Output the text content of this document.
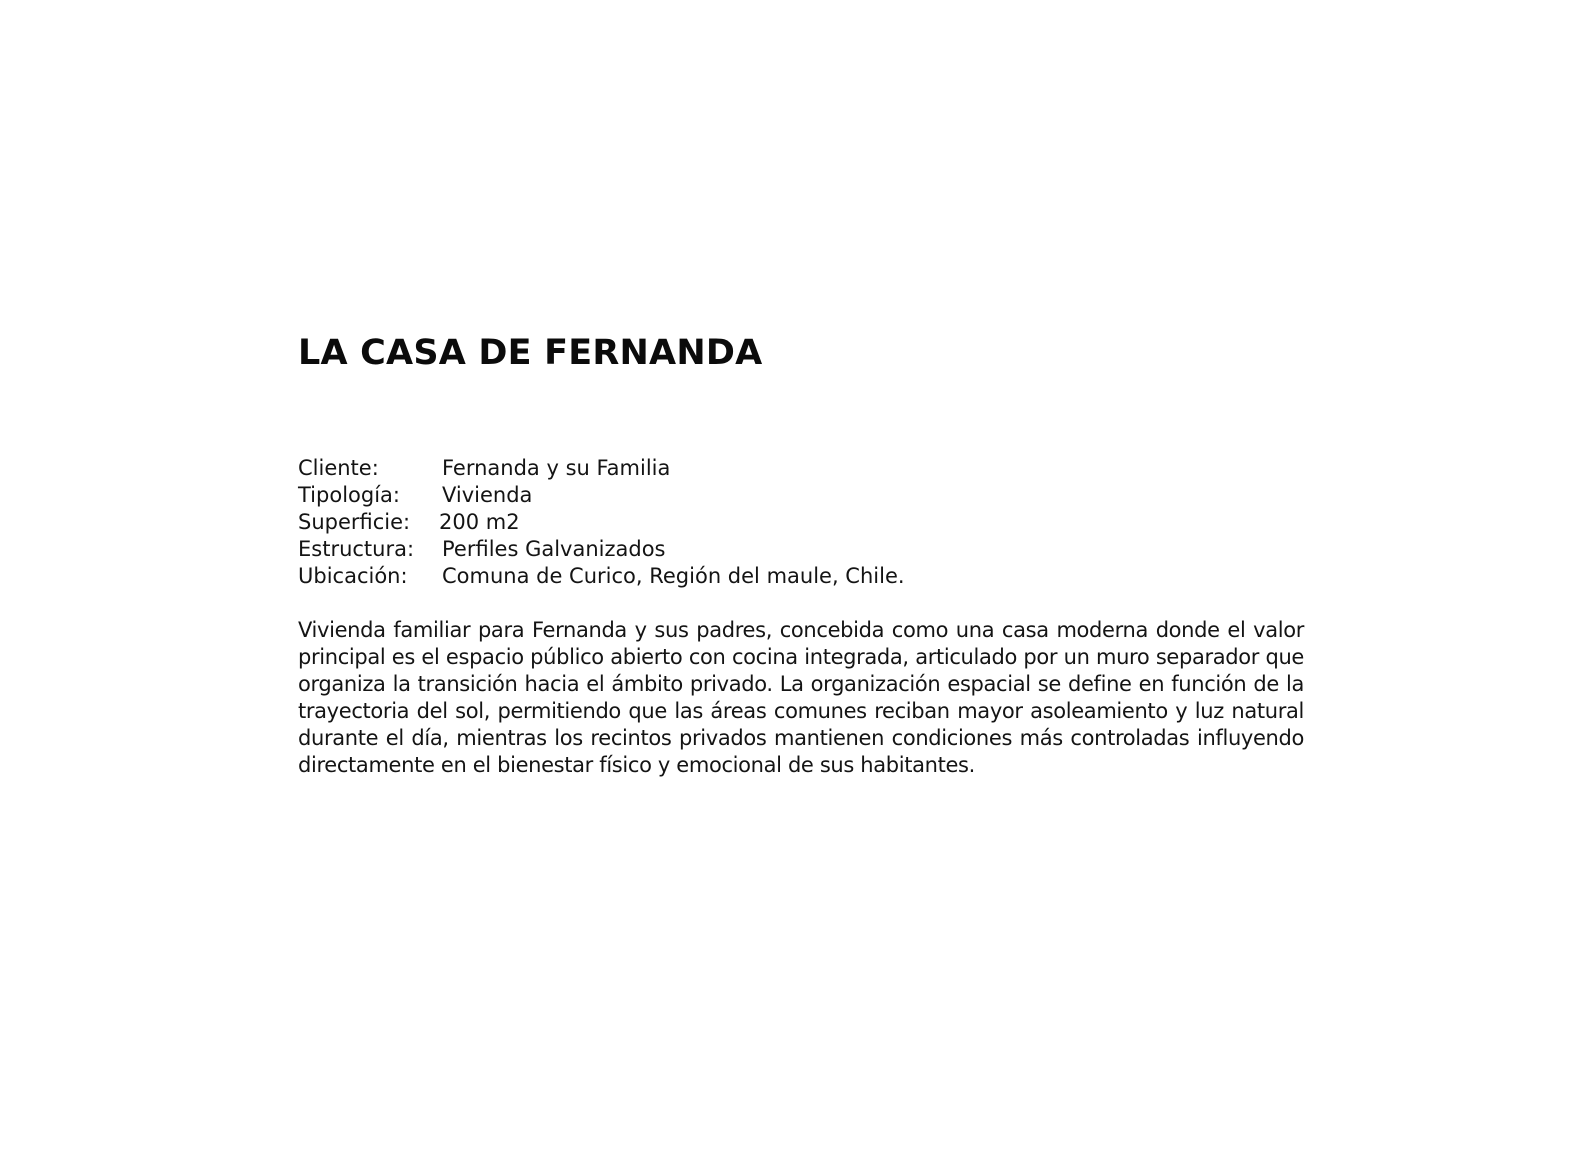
LA CASA DE FERNANDA
Cliente:	Fernanda y su Familia
Tipología:	Vivienda
Superficie:	200 m2
Estructura:	Perfiles Galvanizados
Ubicación:	Comuna de Curico, Región del maule, Chile.

Vivienda familiar para Fernanda y sus padres, concebida como una casa moderna donde el valor principal es el espacio público abierto con cocina integrada, articulado por un muro separador que organiza la transición hacia el ámbito privado. La organización espacial se define en función de la trayectoria del sol, permitiendo que las áreas comunes reciban mayor asoleamiento y luz natural durante el día, mientras los recintos privados mantienen condiciones más controladas influyendo directamente en el bienestar físico y emocional de sus habitantes.
